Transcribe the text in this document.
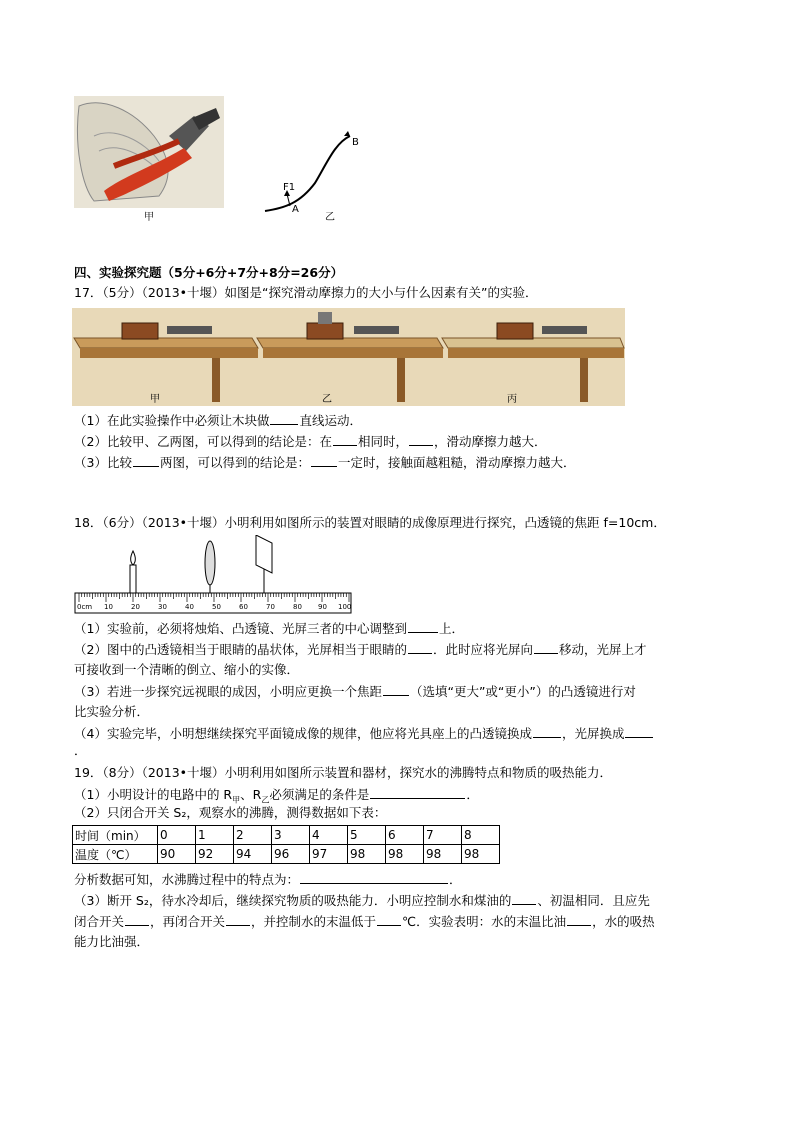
甲
B
A
F1
乙
四、实验探究题（5分+6分+7分+8分=26分）
17．（5分）（2013•十堰）如图是“探究滑动摩擦力的大小与什么因素有关”的实验．
甲	乙	丙
（1）在此实验操作中必须让木块做 直线运动．
（2）比较甲、乙两图，可以得到的结论是：在 相同时， ，滑动摩擦力越大．
（3）比较 两图，可以得到的结论是： 一定时，接触面越粗糙，滑动摩擦力越大．
18．（6分）（2013•十堰）小明利用如图所示的装置对眼睛的成像原理进行探究，凸透镜的焦距 f=10cm．
0cm 10	20	30	40	50	60	70	80 90 100
（1）实验前，必须将烛焰、凸透镜、光屏三者的中心调整到	上．
（2）图中的凸透镜相当于眼睛的晶状体，光屏相当于眼睛的 ．此时应将光屏向 移动，光屏上才
可接收到一个清晰的倒立、缩小的实像．
（3）若进一步探究远视眼的成因，小明应更换一个焦距 （选填“更大”或“更小”）的凸透镜进行对
比实验分析．
（4）实验完毕，小明想继续探究平面镜成像的规律，他应将光具座上的凸透镜换成 ，光屏换成
．
19．（8分）（2013•十堰）小明利用如图所示装置和器材，探究水的沸腾特点和物质的吸热能力．
（1）小明设计的电路中的 $R_甲$、$R_乙$必须满足的条件是	．
（2）只闭合开关 S₂，观察水的沸腾，测得数据如下表：
时间（min）	0	1	2	3	4	5	6	7	8
温度（℃）	90	92	94	96	97	98	98	98	98
分析数据可知，水沸腾过程中的特点为：	．
（3）断开 S₂，待水冷却后，继续探究物质的吸热能力．小明应控制水和煤油的 、初温相同．且应先
闭合开关 ，再闭合开关 ，并控制水的末温低于 ℃．实验表明：水的末温比油 ，水的吸热
能力比油强．
